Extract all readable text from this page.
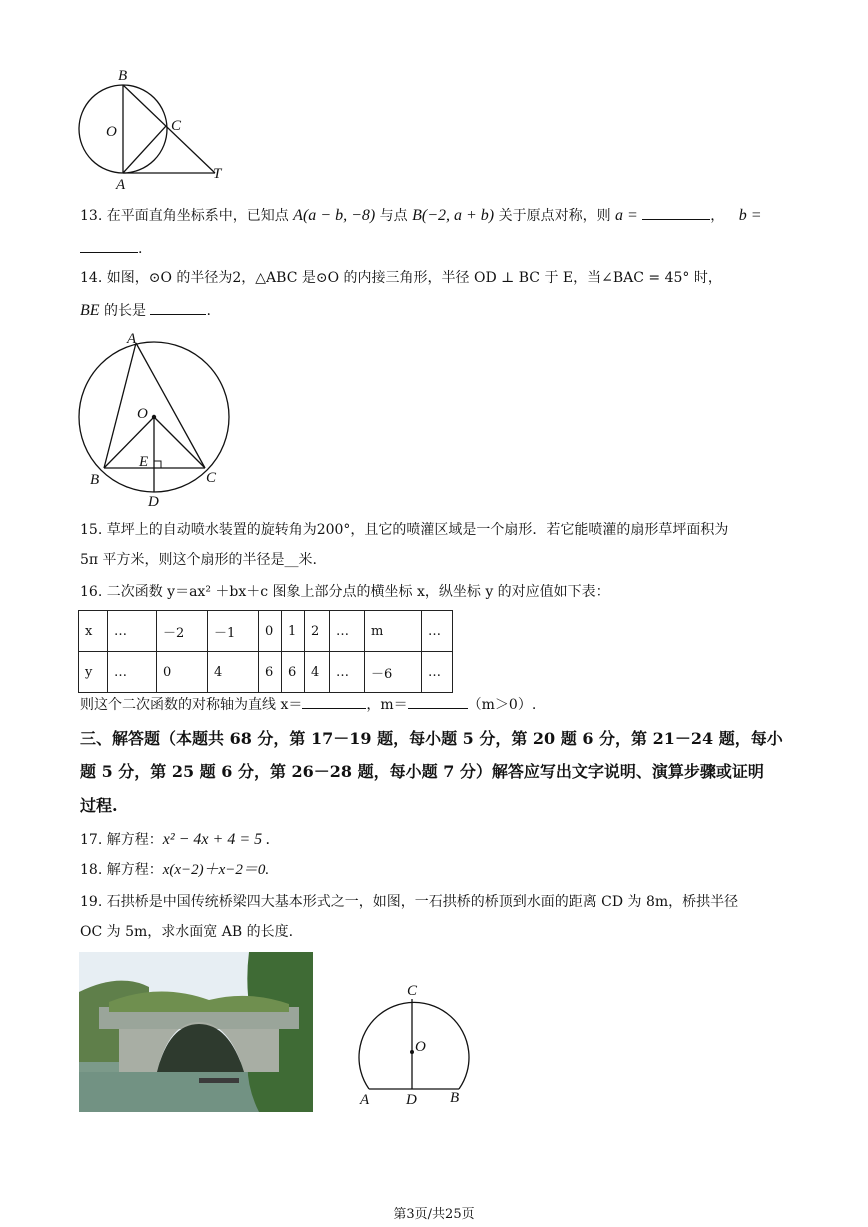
B
O	C
A
T
13. 在平面直角坐标系中，已知点 A(a − b, −8) 与点 B(−2, a + b) 关于原点对称，则 a =	， b =
.
14. 如图，⊙O 的半径为2，△ABC 是⊙O 的内接三角形，半径 OD ⊥ BC 于 E，当∠BAC = 45° 时，
BE 的长是	.
A
O
E
B	C
D
15. 草坪上的自动喷水装置的旋转角为200°，且它的喷灌区域是一个扇形．若它能喷灌的扇形草坪面积为
5π 平方米，则这个扇形的半径是__米.
16. 二次函数 y＝ax² ＋bx＋c 图象上部分点的横坐标 x，纵坐标 y 的对应值如下表：
x	…	－2	－1	0	1	2	…	m	…
y	…	0	4	6	6	4	…	－6	…
则这个二次函数的对称轴为直线 x＝	，m＝	（m＞0）.
三、解答题（本题共 68 分，第 17－19 题，每小题 5 分，第 20 题 6 分，第 21－24 题，每小
题 5 分，第 25 题 6 分，第 26－28 题，每小题 7 分）解答应写出文字说明、演算步骤或证明
过程.
17. 解方程：x² − 4x + 4 = 5 .
18. 解方程：x(x−2)＋x−2＝0.
19. 石拱桥是中国传统桥梁四大基本形式之一，如图，一石拱桥的桥顶到水面的距离 CD 为 8m，桥拱半径
OC 为 5m，求水面宽 AB 的长度.
C
O
A D B
第3页/共25页
